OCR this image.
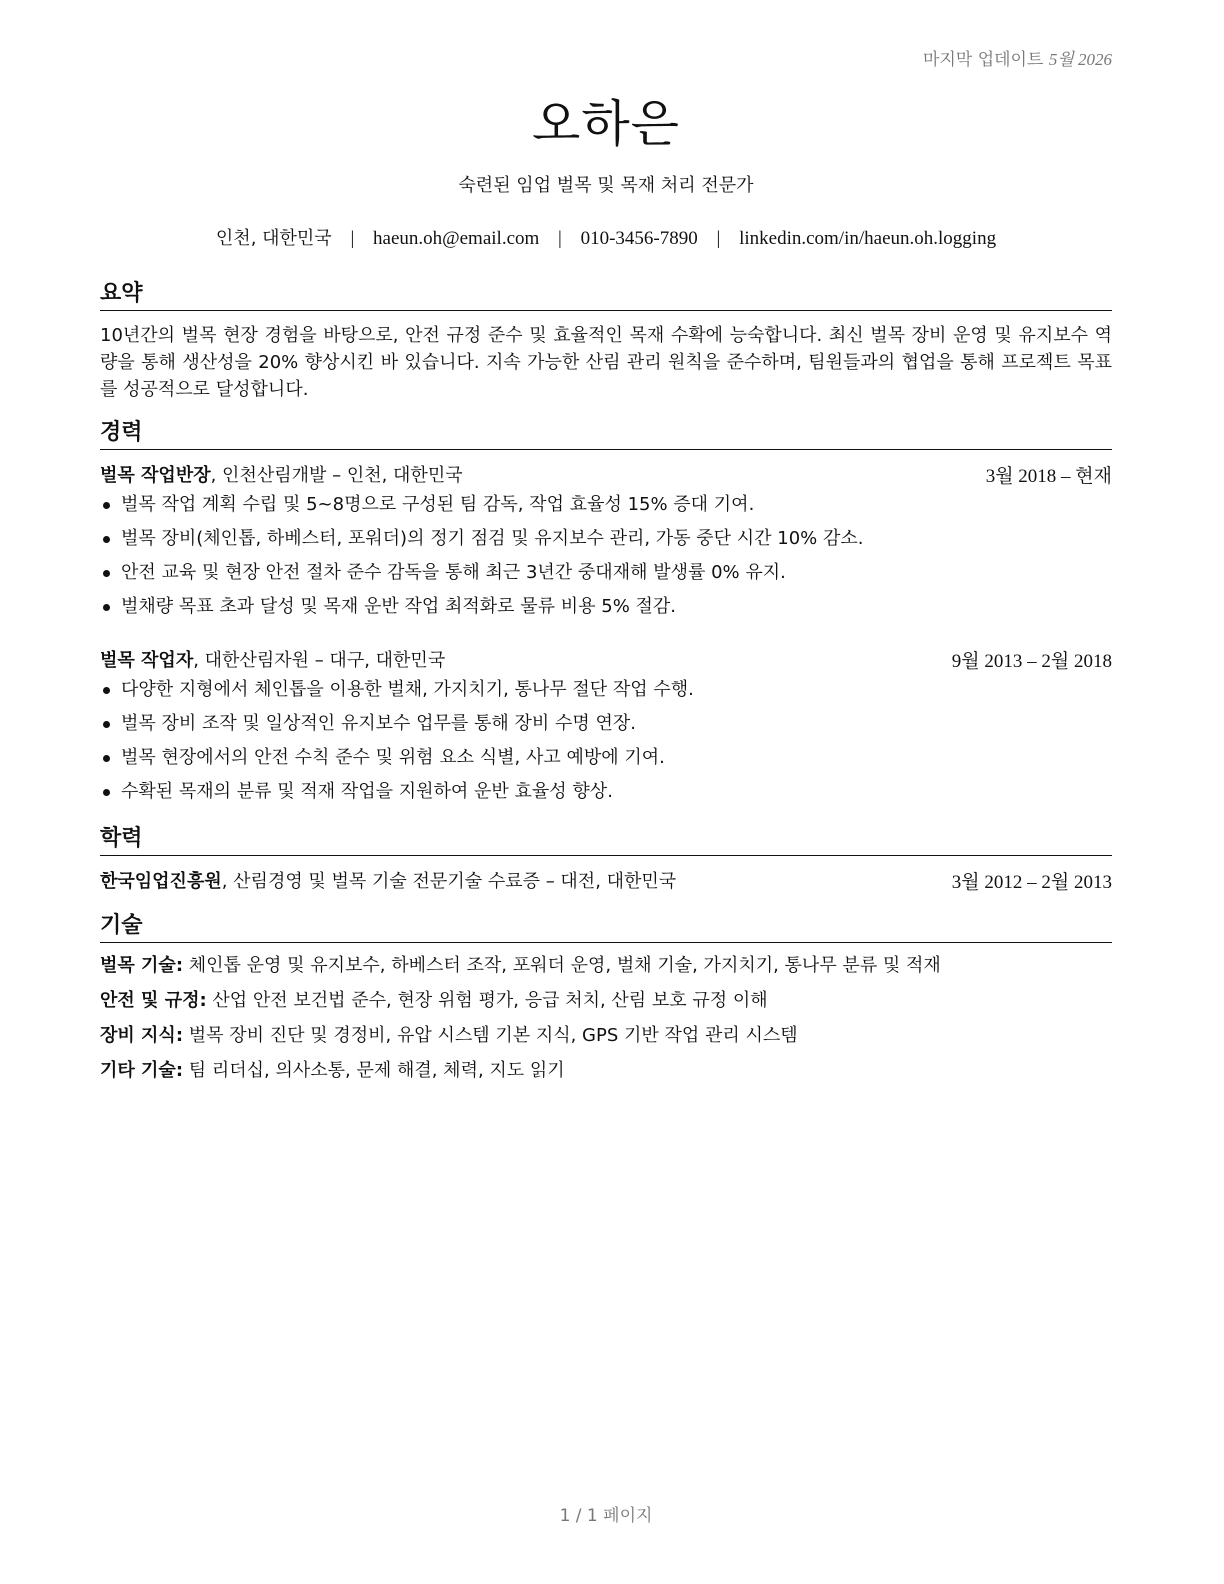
마지막 업데이트 5월 2026
오하은
숙련된 임업 벌목 및 목재 처리 전문가
인천, 대한민국 | haeun.oh@email.com | 010-3456-7890 | linkedin.com/in/haeun.oh.logging
요약

10년간의 벌목 현장 경험을 바탕으로, 안전 규정 준수 및 효율적인 목재 수확에 능숙합니다. 최신 벌목 장비 운영 및 유지보수 역량을 통해 생산성을 20% 향상시킨 바 있습니다. 지속 가능한 산림 관리 원칙을 준수하며, 팀원들과의 협업을 통해 프로젝트 목표를 성공적으로 달성합니다.

경력
벌목 작업반장, 인천산림개발 – 인천, 대한민국	3월 2018 – 현재
벌목 작업 계획 수립 및 5~8명으로 구성된 팀 감독, 작업 효율성 15% 증대 기여.
벌목 장비(체인톱, 하베스터, 포워더)의 정기 점검 및 유지보수 관리, 가동 중단 시간 10% 감소.
안전 교육 및 현장 안전 절차 준수 감독을 통해 최근 3년간 중대재해 발생률 0% 유지.
벌채량 목표 초과 달성 및 목재 운반 작업 최적화로 물류 비용 5% 절감.
벌목 작업자, 대한산림자원 – 대구, 대한민국	9월 2013 – 2월 2018
다양한 지형에서 체인톱을 이용한 벌채, 가지치기, 통나무 절단 작업 수행.
벌목 장비 조작 및 일상적인 유지보수 업무를 통해 장비 수명 연장.
벌목 현장에서의 안전 수칙 준수 및 위험 요소 식별, 사고 예방에 기여.
수확된 목재의 분류 및 적재 작업을 지원하여 운반 효율성 향상.
학력
한국임업진흥원, 산림경영 및 벌목 기술 전문기술 수료증 – 대전, 대한민국	3월 2012 – 2월 2013
기술
벌목 기술: 체인톱 운영 및 유지보수, 하베스터 조작, 포워더 운영, 벌채 기술, 가지치기, 통나무 분류 및 적재
안전 및 규정: 산업 안전 보건법 준수, 현장 위험 평가, 응급 처치, 산림 보호 규정 이해
장비 지식: 벌목 장비 진단 및 경정비, 유압 시스템 기본 지식, GPS 기반 작업 관리 시스템
기타 기술: 팀 리더십, 의사소통, 문제 해결, 체력, 지도 읽기
1 / 1 페이지
